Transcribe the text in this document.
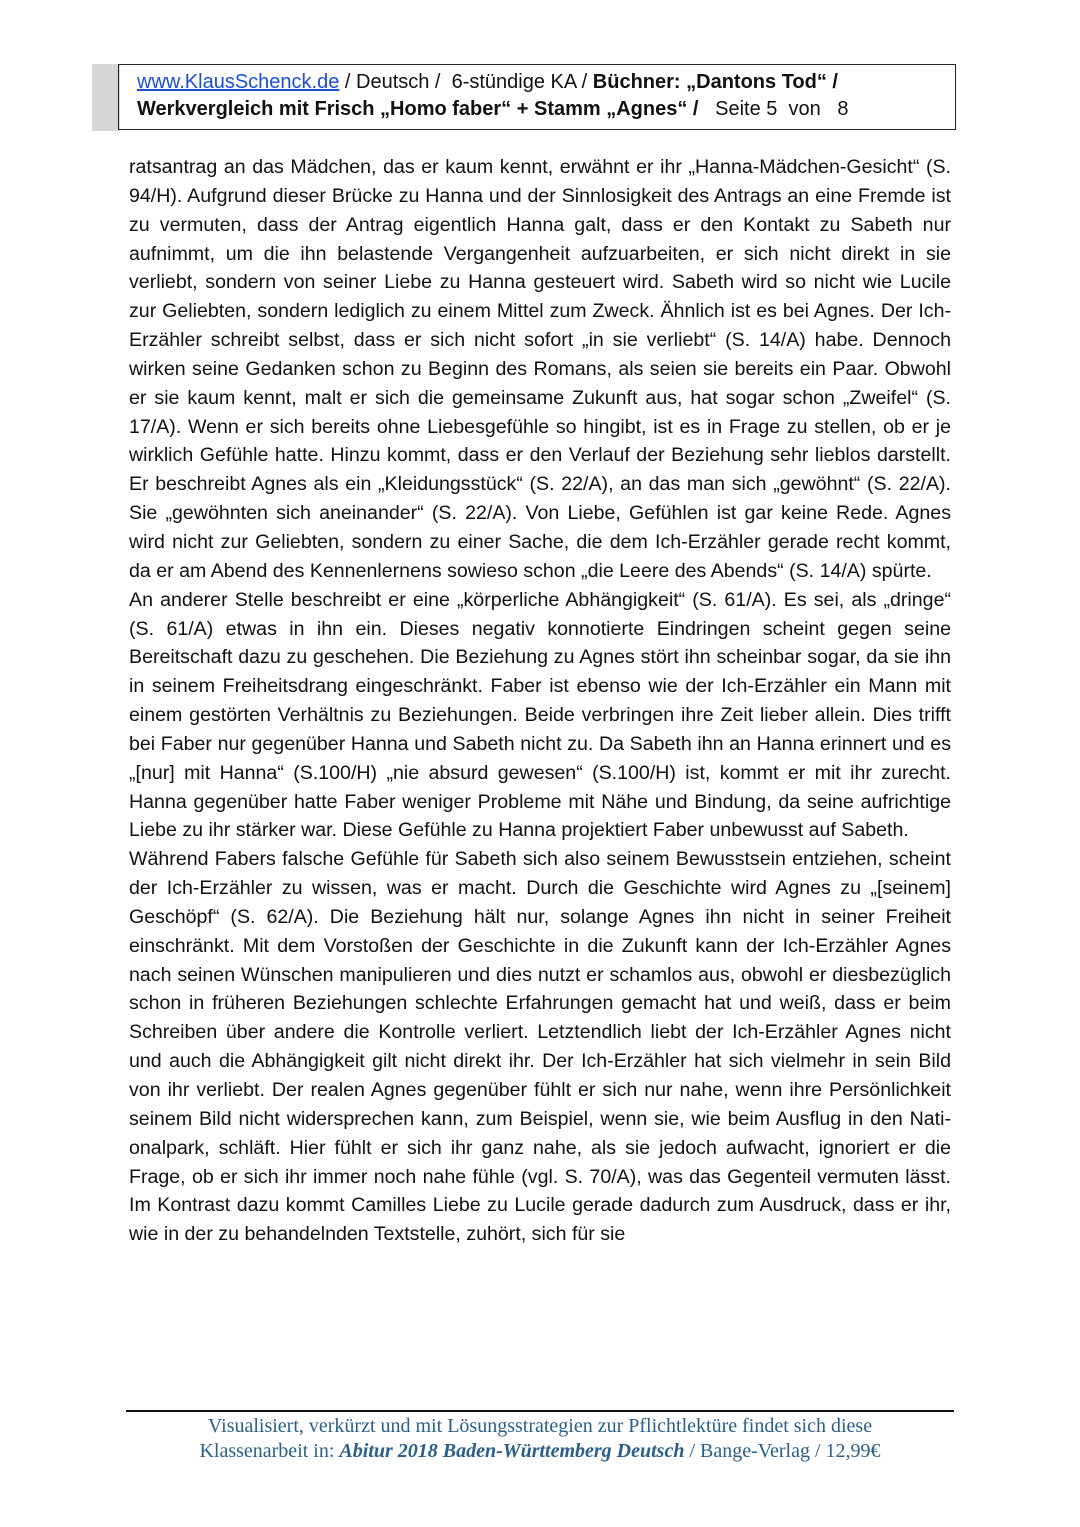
www.KlausSchenck.de / Deutsch /  6-stündige KA / Büchner: „Dantons Tod“ /
Werkvergleich mit Frisch „Homo faber“ + Stamm „Agnes“ /   Seite 5  von   8

ratsantrag an das Mädchen, das er kaum kennt, erwähnt er ihr „Hanna-Mädchen-Gesicht“ (S. 94/H). Aufgrund dieser Brücke zu Hanna und der Sinnlosigkeit des Antrags an eine Fremde ist zu vermuten, dass der Antrag eigentlich Hanna galt, dass er den Kontakt zu Sabeth nur aufnimmt, um die ihn belastende Vergangenheit aufzuarbeiten, er sich nicht direkt in sie verliebt, sondern von seiner Liebe zu Hanna gesteuert wird. Sabeth wird so nicht wie Lucile zur Geliebten, sondern lediglich zu einem Mittel zum Zweck. Ähnlich ist es bei Agnes. Der Ich-Erzähler schreibt selbst, dass er sich nicht sofort „in sie verliebt“ (S. 14/A) habe. Dennoch wirken seine Gedanken schon zu Beginn des Romans, als seien sie bereits ein Paar. Obwohl er sie kaum kennt, malt er sich die gemeinsame Zukunft aus, hat sogar schon „Zweifel“ (S. 17/A). Wenn er sich bereits ohne Liebesgefühle so hingibt, ist es in Frage zu stellen, ob er je wirklich Gefühle hatte. Hinzu kommt, dass er den Verlauf der Beziehung sehr lieblos darstellt. Er beschreibt Agnes als ein „Kleidungsstück“ (S. 22/A), an das man sich „gewöhnt“ (S. 22/A). Sie „gewöhnten sich aneinander“ (S. 22/A). Von Liebe, Gefühlen ist gar keine Rede. Agnes wird nicht zur Geliebten, sondern zu einer Sache, die dem Ich-Erzähler gerade recht kommt, da er am Abend des Kennenlernens sowieso schon „die Leere des Abends“ (S. 14/A) spürte.

An anderer Stelle beschreibt er eine „körperliche Abhängigkeit“ (S. 61/A). Es sei, als „dringe“ (S. 61/A) etwas in ihn ein. Dieses negativ konnotierte Eindringen scheint gegen seine Bereitschaft dazu zu geschehen. Die Beziehung zu Agnes stört ihn scheinbar sogar, da sie ihn in seinem Freiheitsdrang eingeschränkt. Faber ist ebenso wie der Ich-Erzähler ein Mann mit einem gestörten Verhältnis zu Beziehungen. Beide verbringen ihre Zeit lieber allein. Dies trifft bei Faber nur gegenüber Hanna und Sabeth nicht zu. Da Sabeth ihn an Hanna erinnert und es „[nur] mit Hanna“ (S.100/H) „nie absurd gewesen“ (S.100/H) ist, kommt er mit ihr zurecht. Hanna gegenüber hatte Faber weniger Probleme mit Nähe und Bindung, da seine aufrichtige Liebe zu ihr stärker war. Diese Gefühle zu Hanna projektiert Faber unbewusst auf Sabeth.

Während Fabers falsche Gefühle für Sabeth sich also seinem Bewusstsein entziehen, scheint der Ich-Erzähler zu wissen, was er macht. Durch die Geschichte wird Agnes zu „[seinem] Geschöpf“ (S. 62/A). Die Beziehung hält nur, solange Agnes ihn nicht in seiner Freiheit einschränkt. Mit dem Vorstoßen der Geschichte in die Zukunft kann der Ich-Erzähler Agnes nach seinen Wünschen manipulieren und dies nutzt er schamlos aus, obwohl er diesbezüglich schon in früheren Beziehungen schlechte Erfahrungen gemacht hat und weiß, dass er beim Schreiben über andere die Kontrolle verliert. Letztendlich liebt der Ich-Erzähler Agnes nicht und auch die Abhängigkeit gilt nicht direkt ihr. Der Ich-Erzähler hat sich vielmehr in sein Bild von ihr verliebt. Der realen Agnes gegenüber fühlt er sich nur nahe, wenn ihre Persönlichkeit seinem Bild nicht widersprechen kann, zum Beispiel, wenn sie, wie beim Ausflug in den Nationalpark, schläft. Hier fühlt er sich ihr ganz nahe, als sie jedoch aufwacht, ignoriert er die Frage, ob er sich ihr immer noch nahe fühle (vgl. S. 70/A), was das Gegenteil vermuten lässt. Im Kontrast dazu kommt Camilles Liebe zu Lucile gerade dadurch zum Ausdruck, dass er ihr, wie in der zu behandelnden Textstelle, zuhört, sich für sie

Visualisiert, verkürzt und mit Lösungsstrategien zur Pflichtlektüre findet sich diese
Klassenarbeit in: Abitur 2018 Baden-Württemberg Deutsch / Bange-Verlag / 12,99€
